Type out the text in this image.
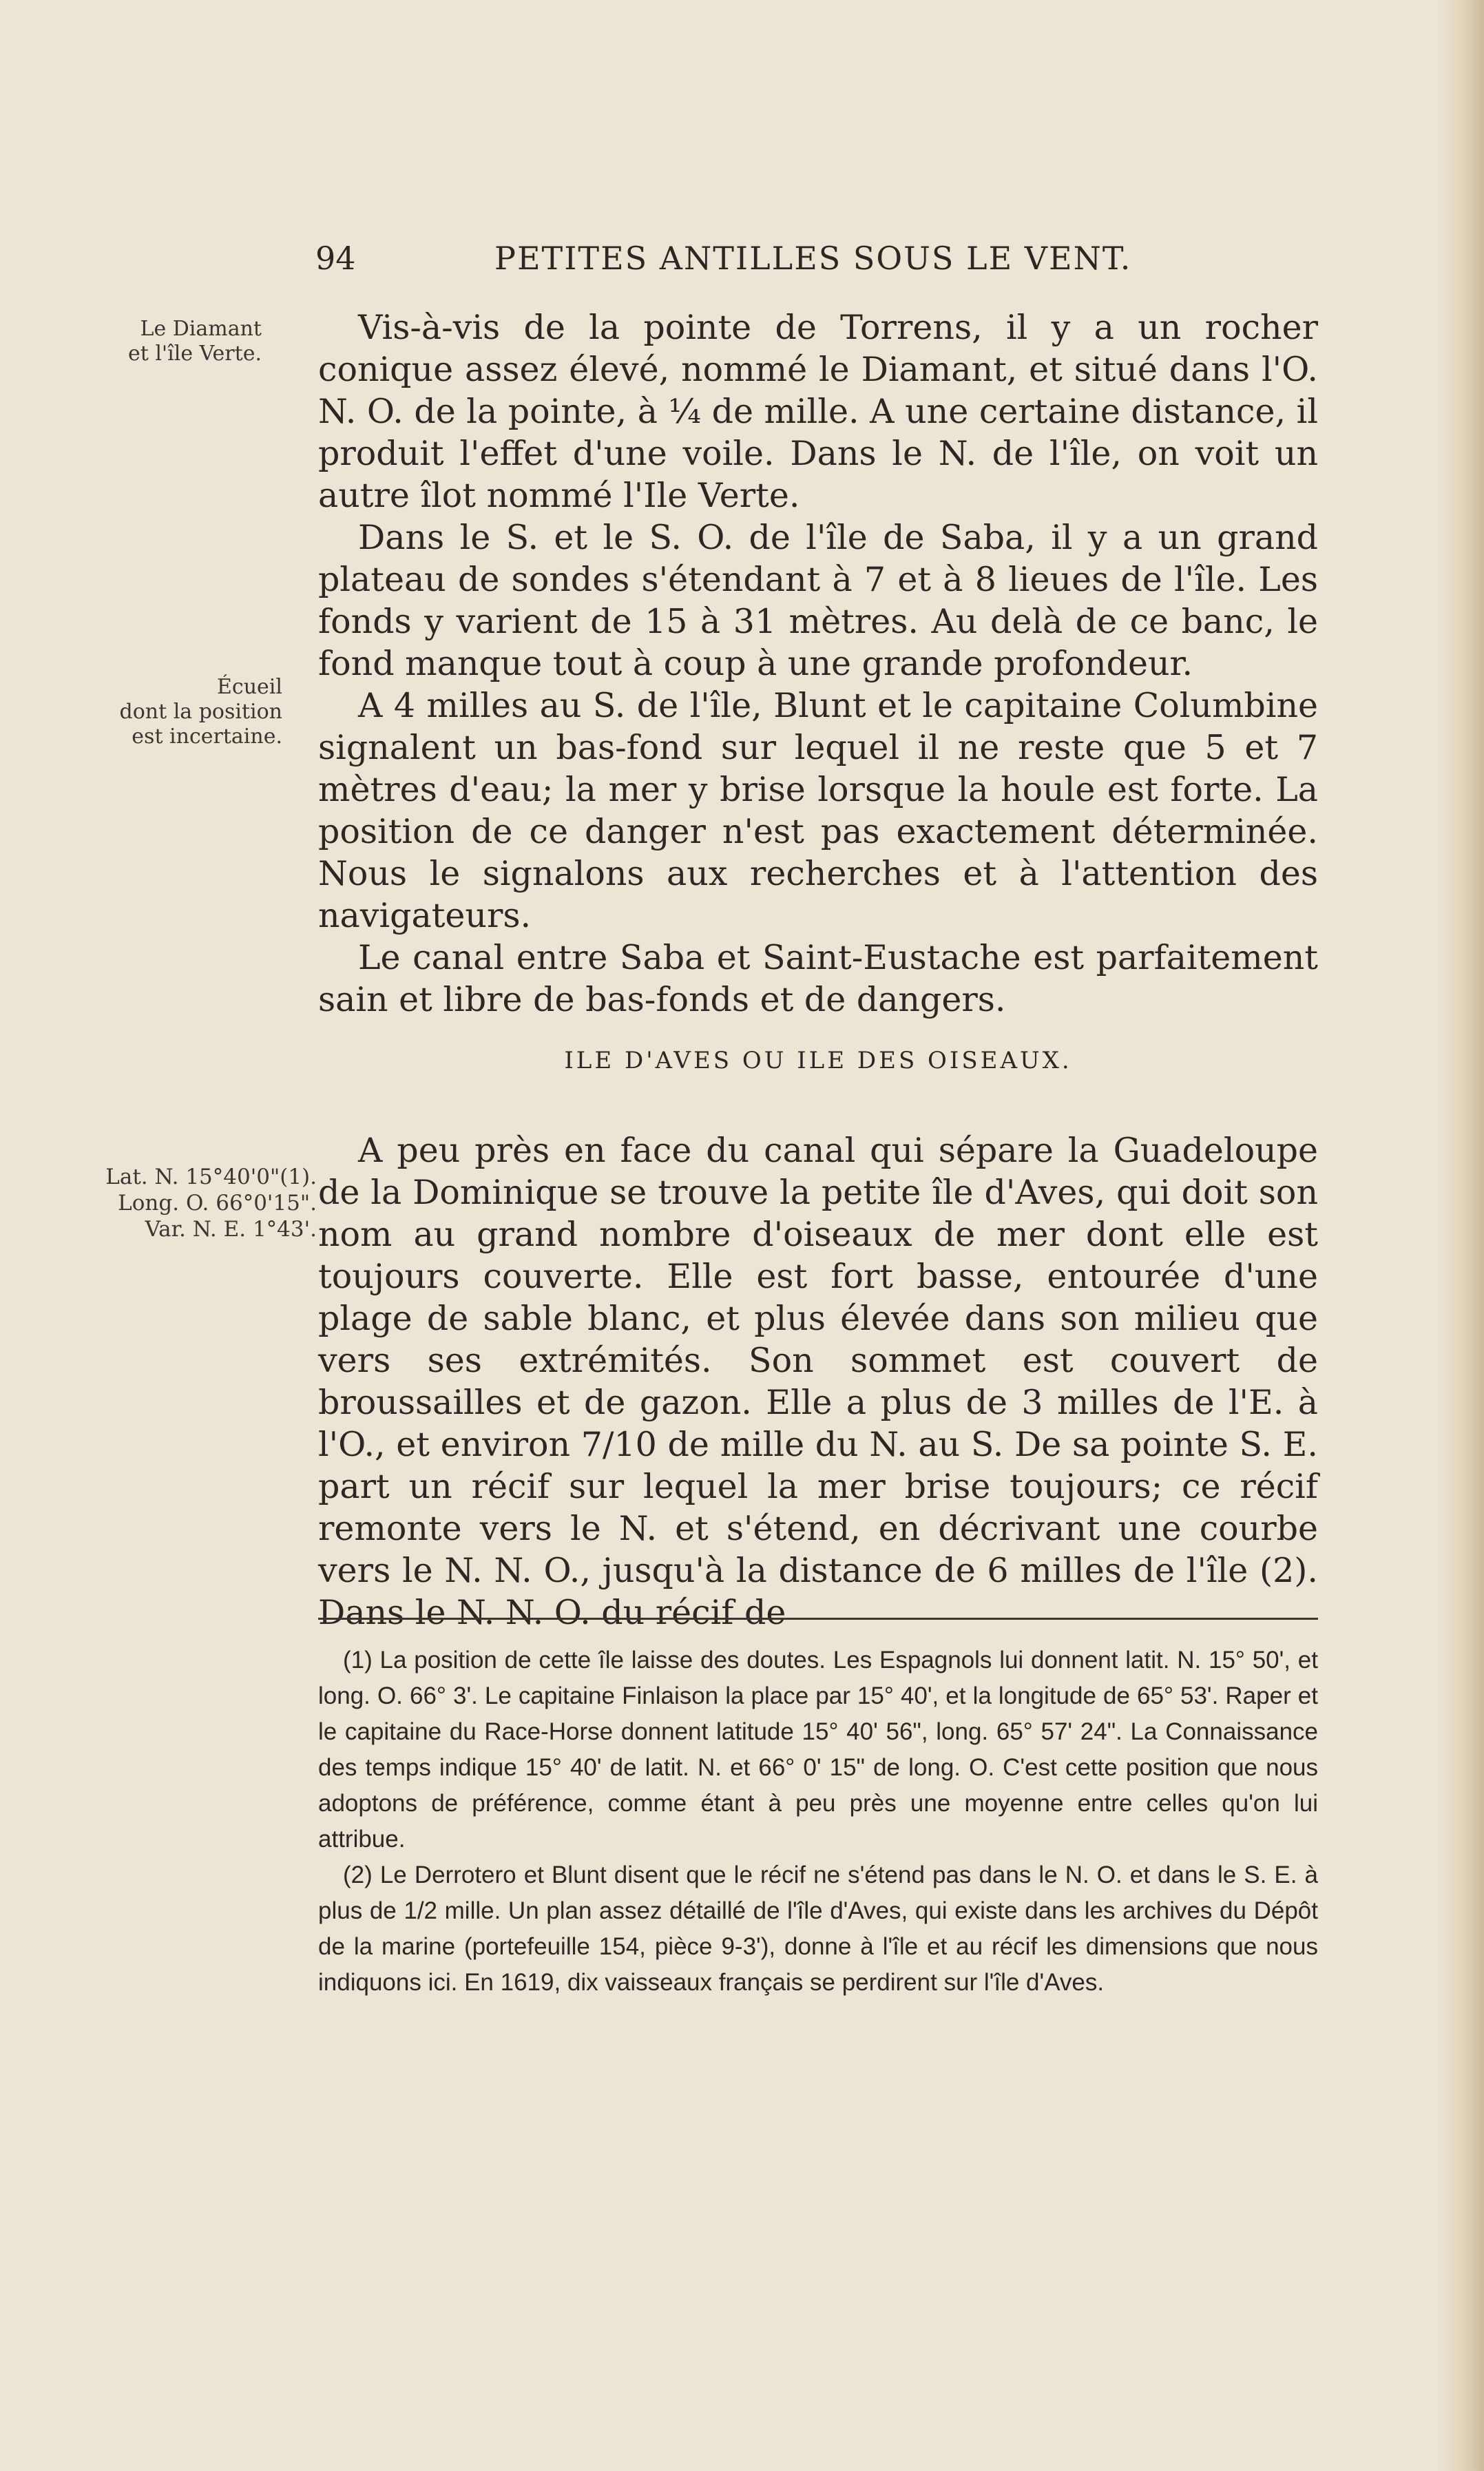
94	PETITES ANTILLES SOUS LE VENT.
Le Diamant
et l'île Verte.
Écueil
dont la position
est incertaine.
Lat. N. 15°40'0"(1).
Long. O. 66°0'15".
Var. N. E. 1°43'.

Vis-à-vis de la pointe de Torrens, il y a un rocher conique assez élevé, nommé le Diamant, et situé dans l'O. N. O. de la pointe, à ¼ de mille. A une certaine distance, il produit l'effet d'une voile. Dans le N. de l'île, on voit un autre îlot nommé l'Ile Verte.

Dans le S. et le S. O. de l'île de Saba, il y a un grand plateau de sondes s'étendant à 7 et à 8 lieues de l'île. Les fonds y varient de 15 à 31 mètres. Au delà de ce banc, le fond manque tout à coup à une grande profondeur.

A 4 milles au S. de l'île, Blunt et le capitaine Columbine signalent un bas-fond sur lequel il ne reste que 5 et 7 mètres d'eau; la mer y brise lorsque la houle est forte. La position de ce danger n'est pas exactement déterminée. Nous le signalons aux recherches et à l'attention des navigateurs.

Le canal entre Saba et Saint-Eustache est parfaitement sain et libre de bas-fonds et de dangers.

ILE D'AVES OU ILE DES OISEAUX.

A peu près en face du canal qui sépare la Guadeloupe de la Dominique se trouve la petite île d'Aves, qui doit son nom au grand nombre d'oiseaux de mer dont elle est toujours couverte. Elle est fort basse, entourée d'une plage de sable blanc, et plus élevée dans son milieu que vers ses extrémités. Son sommet est couvert de broussailles et de gazon. Elle a plus de 3 milles de l'E. à l'O., et environ 7/10 de mille du N. au S. De sa pointe S. E. part un récif sur lequel la mer brise toujours; ce récif remonte vers le N. et s'étend, en décrivant une courbe vers le N. N. O., jusqu'à la distance de 6 milles de l'île (2). Dans le N. N. O. du récif de

(1) La position de cette île laisse des doutes. Les Espagnols lui donnent latit. N. 15° 50', et long. O. 66° 3'. Le capitaine Finlaison la place par 15° 40', et la longitude de 65° 53'. Raper et le capitaine du Race-Horse donnent latitude 15° 40' 56", long. 65° 57' 24". La Connaissance des temps indique 15° 40' de latit. N. et 66° 0' 15" de long. O. C'est cette position que nous adoptons de préférence, comme étant à peu près une moyenne entre celles qu'on lui attribue.

(2) Le Derrotero et Blunt disent que le récif ne s'étend pas dans le N. O. et dans le S. E. à plus de 1/2 mille. Un plan assez détaillé de l'île d'Aves, qui existe dans les archives du Dépôt de la marine (portefeuille 154, pièce 9-3'), donne à l'île et au récif les dimensions que nous indiquons ici. En 1619, dix vaisseaux français se perdirent sur l'île d'Aves.
